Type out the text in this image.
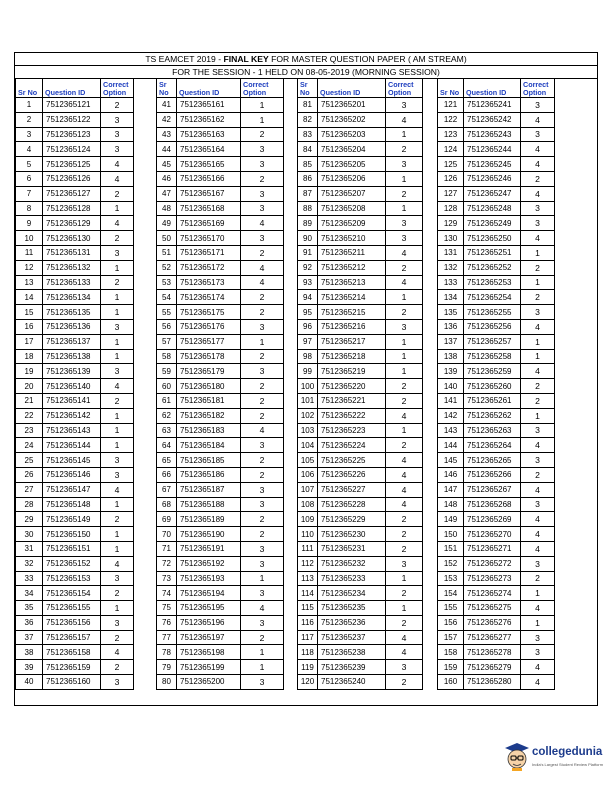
TS EAMCET 2019 - FINAL KEY FOR MASTER QUESTION PAPER ( AM STREAM)
FOR THE SESSION - 1 HELD ON 08-05-2019 (MORNING SESSION)
Sr No	Question ID	Correct Option
1	7512365121	2
2	7512365122	3
3	7512365123	3
4	7512365124	3
5	7512365125	4
6	7512365126	4
7	7512365127	2
8	7512365128	1
9	7512365129	4
10	7512365130	2
11	7512365131	3
12	7512365132	1
13	7512365133	2
14	7512365134	1
15	7512365135	1
16	7512365136	3
17	7512365137	1
18	7512365138	1
19	7512365139	3
20	7512365140	4
21	7512365141	2
22	7512365142	1
23	7512365143	1
24	7512365144	1
25	7512365145	3
26	7512365146	3
27	7512365147	4
28	7512365148	1
29	7512365149	2
30	7512365150	1
31	7512365151	1
32	7512365152	4
33	7512365153	3
34	7512365154	2
35	7512365155	1
36	7512365156	3
37	7512365157	2
38	7512365158	4
39	7512365159	2
40	7512365160	3
Sr No	Question ID	Correct Option
41	7512365161	1
42	7512365162	1
43	7512365163	2
44	7512365164	3
45	7512365165	3
46	7512365166	2
47	7512365167	3
48	7512365168	3
49	7512365169	4
50	7512365170	3
51	7512365171	2
52	7512365172	4
53	7512365173	4
54	7512365174	2
55	7512365175	2
56	7512365176	3
57	7512365177	1
58	7512365178	2
59	7512365179	3
60	7512365180	2
61	7512365181	2
62	7512365182	2
63	7512365183	4
64	7512365184	3
65	7512365185	2
66	7512365186	2
67	7512365187	3
68	7512365188	3
69	7512365189	2
70	7512365190	2
71	7512365191	3
72	7512365192	3
73	7512365193	1
74	7512365194	3
75	7512365195	4
76	7512365196	3
77	7512365197	2
78	7512365198	1
79	7512365199	1
80	7512365200	3
Sr No	Question ID	Correct Option
81	7512365201	3
82	7512365202	4
83	7512365203	1
84	7512365204	2
85	7512365205	3
86	7512365206	1
87	7512365207	2
88	7512365208	1
89	7512365209	3
90	7512365210	3
91	7512365211	4
92	7512365212	2
93	7512365213	4
94	7512365214	1
95	7512365215	2
96	7512365216	3
97	7512365217	1
98	7512365218	1
99	7512365219	1
100	7512365220	2
101	7512365221	2
102	7512365222	4
103	7512365223	1
104	7512365224	2
105	7512365225	4
106	7512365226	4
107	7512365227	4
108	7512365228	4
109	7512365229	2
110	7512365230	2
111	7512365231	2
112	7512365232	3
113	7512365233	1
114	7512365234	2
115	7512365235	1
116	7512365236	2
117	7512365237	4
118	7512365238	4
119	7512365239	3
120	7512365240	2
Sr No	Question ID	Correct Option
121	7512365241	3
122	7512365242	4
123	7512365243	3
124	7512365244	4
125	7512365245	4
126	7512365246	2
127	7512365247	4
128	7512365248	3
129	7512365249	3
130	7512365250	4
131	7512365251	1
132	7512365252	2
133	7512365253	1
134	7512365254	2
135	7512365255	3
136	7512365256	4
137	7512365257	1
138	7512365258	1
139	7512365259	4
140	7512365260	2
141	7512365261	2
142	7512365262	1
143	7512365263	3
144	7512365264	4
145	7512365265	3
146	7512365266	2
147	7512365267	4
148	7512365268	3
149	7512365269	4
150	7512365270	4
151	7512365271	4
152	7512365272	3
153	7512365273	2
154	7512365274	1
155	7512365275	4
156	7512365276	1
157	7512365277	3
158	7512365278	3
159	7512365279	4
160	7512365280	4
collegedunia
India's Largest Student Review Platform
